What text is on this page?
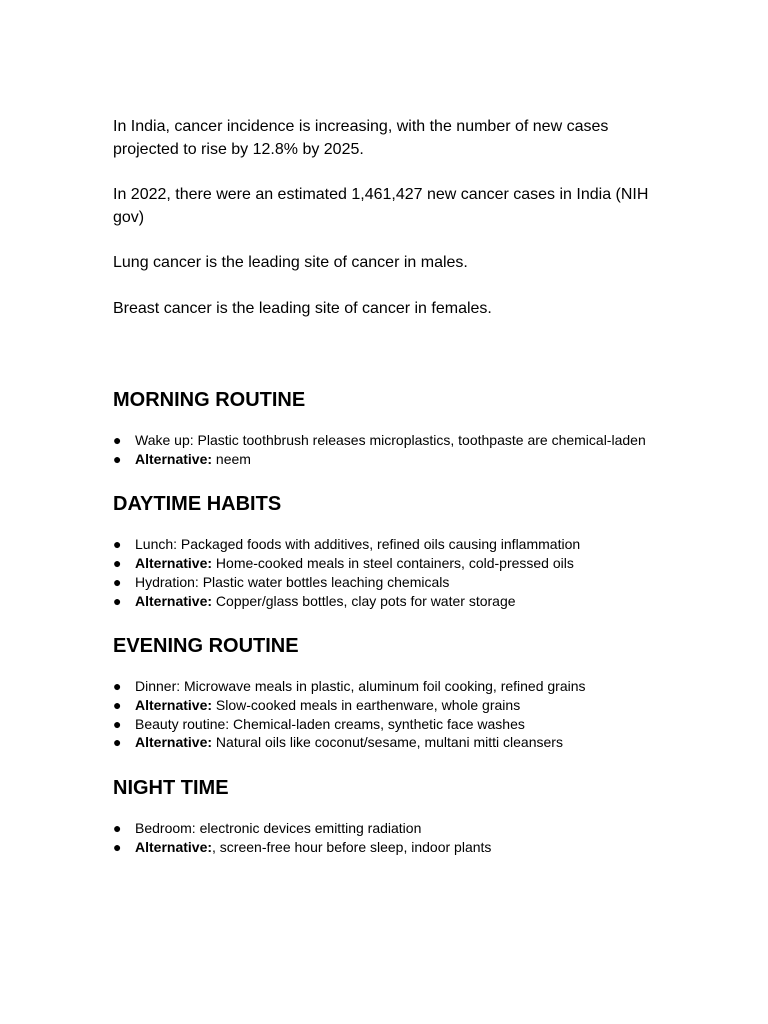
In India, cancer incidence is increasing, with the number of new cases projected to rise by 12.8% by 2025.

In 2022, there were an estimated 1,461,427 new cancer cases in India (NIH gov)

Lung cancer is the leading site of cancer in males.

Breast cancer is the leading site of cancer in females.

MORNING ROUTINE
● Wake up: Plastic toothbrush releases microplastics, toothpaste are chemical-laden
● Alternative: neem
DAYTIME HABITS
● Lunch: Packaged foods with additives, refined oils causing inflammation
● Alternative: Home-cooked meals in steel containers, cold-pressed oils
● Hydration: Plastic water bottles leaching chemicals
● Alternative: Copper/glass bottles, clay pots for water storage
EVENING ROUTINE
● Dinner: Microwave meals in plastic, aluminum foil cooking, refined grains
● Alternative: Slow-cooked meals in earthenware, whole grains
● Beauty routine: Chemical-laden creams, synthetic face washes
● Alternative: Natural oils like coconut/sesame, multani mitti cleansers
NIGHT TIME
● Bedroom: electronic devices emitting radiation
● Alternative:, screen-free hour before sleep, indoor plants
